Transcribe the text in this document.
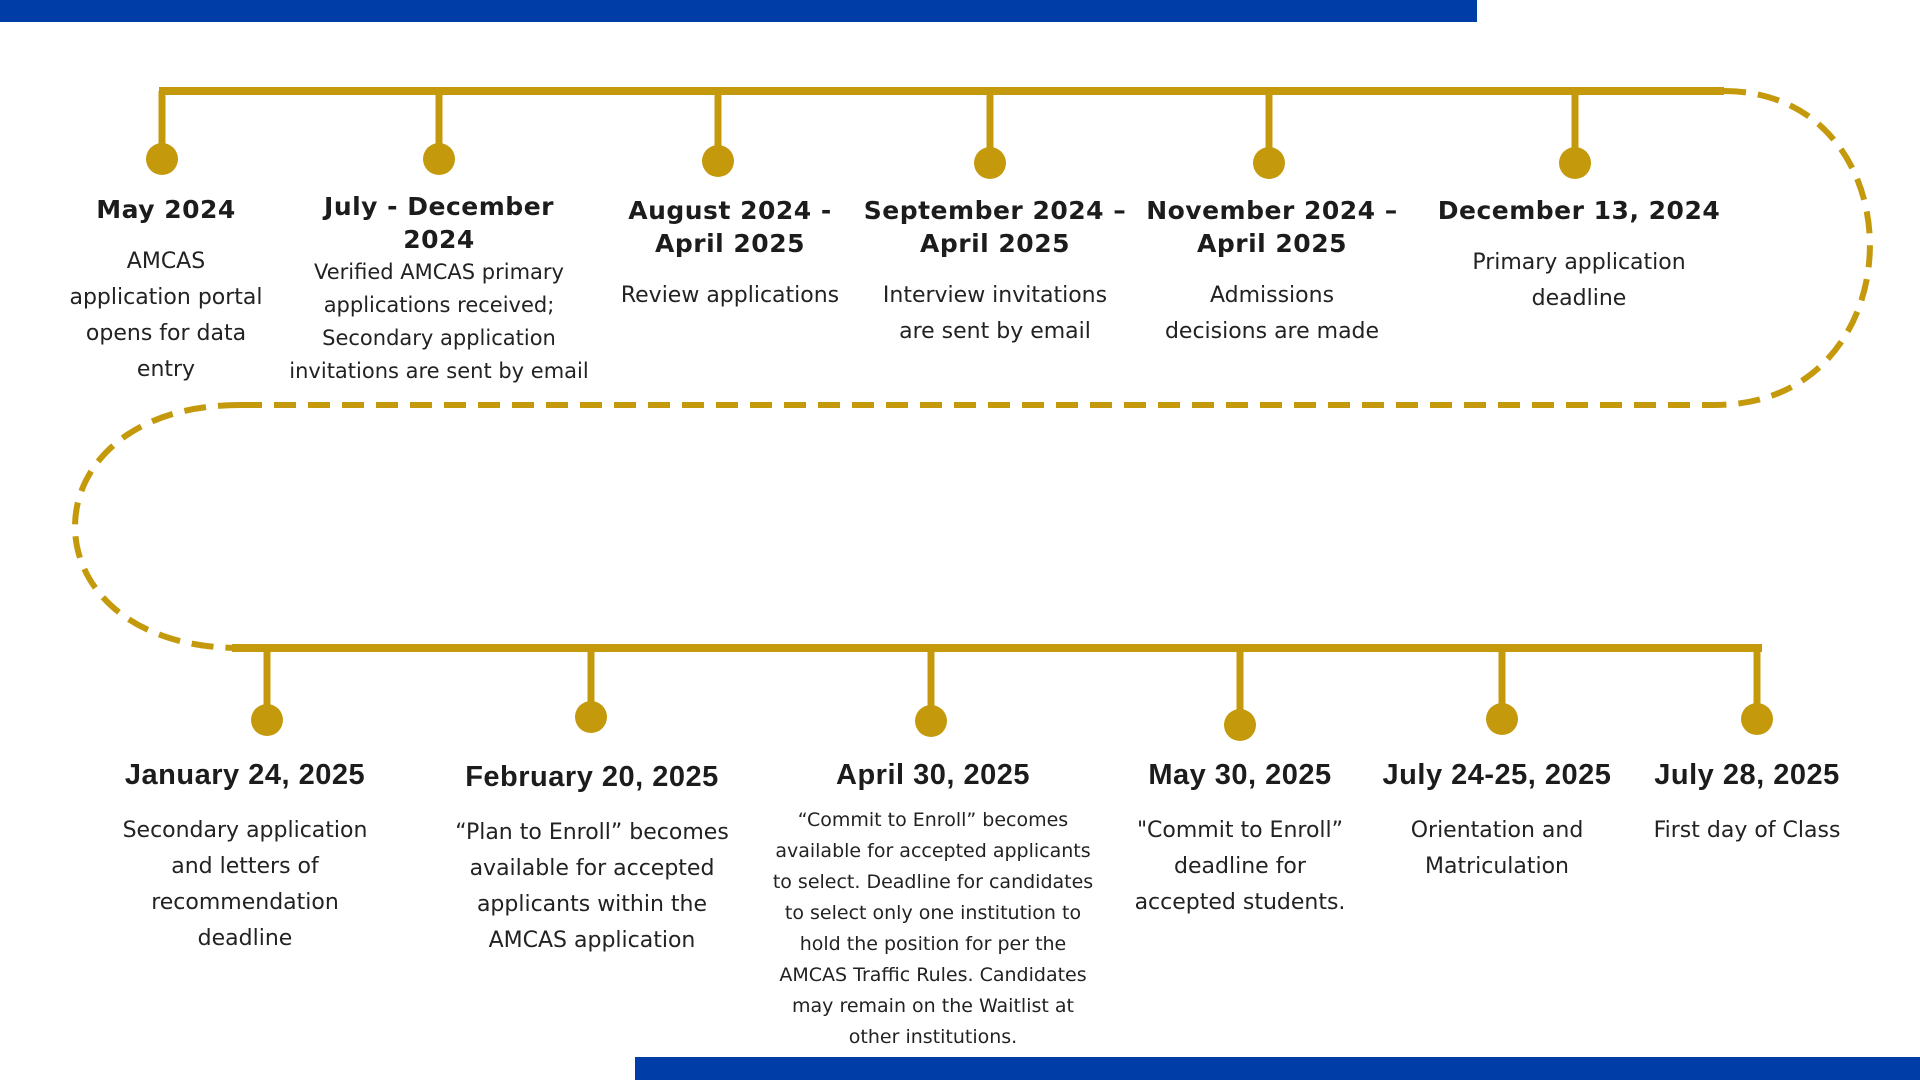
May 2024
AMCAS
application portal
opens for data
entry
July - December
2024
Verified AMCAS primary
applications received;
Secondary application
invitations are sent by email
August 2024 -
April 2025
Review applications
September 2024 –
April 2025
Interview invitations
are sent by email
November 2024 –
April 2025
Admissions
decisions are made
December 13, 2024
Primary application
deadline
January 24, 2025
Secondary application
and letters of
recommendation
deadline
February 20, 2025
“Plan to Enroll” becomes
available for accepted
applicants within the
AMCAS application
April 30, 2025
“Commit to Enroll” becomes
available for accepted applicants
to select. Deadline for candidates
to select only one institution to
hold the position for per the
AMCAS Traffic Rules. Candidates
may remain on the Waitlist at
other institutions.
May 30, 2025
"Commit to Enroll”
deadline for
accepted students.
July 24-25, 2025
Orientation and
Matriculation
July 28, 2025
First day of Class
